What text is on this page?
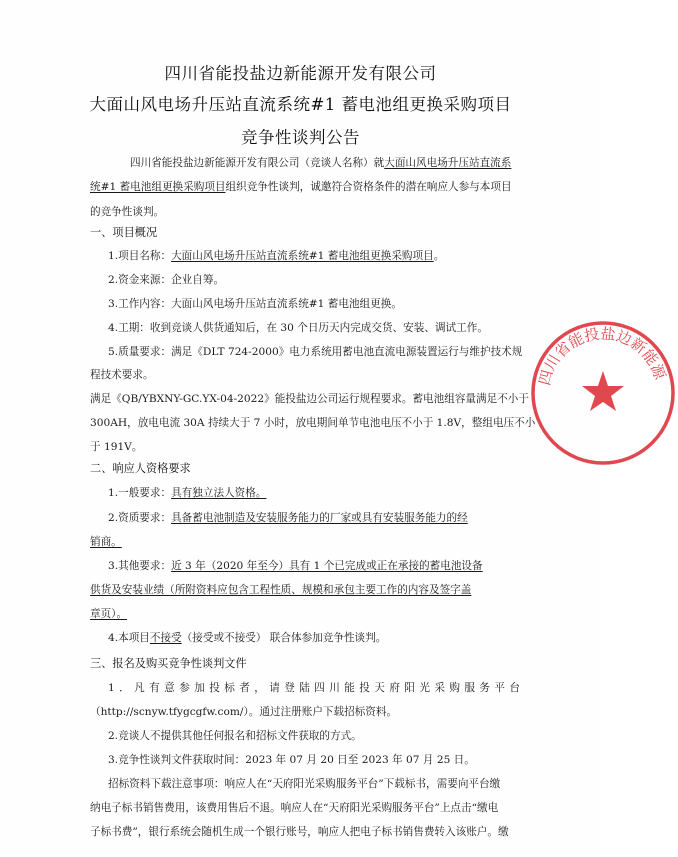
四川省能投盐边新能源开发有限公司
大面山风电场升压站直流系统#1 蓄电池组更换采购项目
竞争性谈判公告
四川省能投盐边新能源开发有限公司（竞谈人名称）就大面山风电场升压站直流系
统#1 蓄电池组更换采购项目组织竞争性谈判，诚邀符合资格条件的潜在响应人参与本项目
的竞争性谈判。
一、项目概况
1.项目名称：大面山风电场升压站直流系统#1 蓄电池组更换采购项目。
2.资金来源：企业自筹。
3.工作内容：大面山风电场升压站直流系统#1 蓄电池组更换。
4.工期：收到竞谈人供货通知后，在 30 个日历天内完成交货、安装、调试工作。
5.质量要求：满足《DLT 724-2000》电力系统用蓄电池直流电源装置运行与维护技术规
程技术要求。
满足《QB/YBXNY-GC.YX-04-2022》能投盐边公司运行规程要求。蓄电池组容量满足不小于
300AH，放电电流 30A 持续大于 7 小时，放电期间单节电池电压不小于 1.8V，整组电压不小
于 191V。
二、响应人资格要求
1.一般要求：具有独立法人资格。
2.资质要求：具备蓄电池制造及安装服务能力的厂家或具有安装服务能力的经
销商。
3.其他要求：近 3 年（2020 年至今）具有 1 个已完成或正在承接的蓄电池设备
供货及安装业绩（所附资料应包含工程性质、规模和承包主要工作的内容及签字盖
章页）。
4.本项目不接受（接受或不接受） 联合体参加竞争性谈判。
三、报名及购买竞争性谈判文件
1．凡有意参加投标者，请登陆四川能投天府阳光采购服务平台
（http://scnyw.tfygcgfw.com/）。通过注册账户下载招标资料。
2.竞谈人不提供其他任何报名和招标文件获取的方式。
3.竞争性谈判文件获取时间：2023 年 07 月 20 日至 2023 年 07 月 25 日。
招标资料下载注意事项：响应人在“天府阳光采购服务平台”下载标书，需要向平台缴
纳电子标书销售费用，该费用售后不退。响应人在“天府阳光采购服务平台”上点击“缴电
子标书费”，银行系统会随机生成一个银行账号，响应人把电子标书销售费转入该账户。缴
四川省能投盐边新能源
